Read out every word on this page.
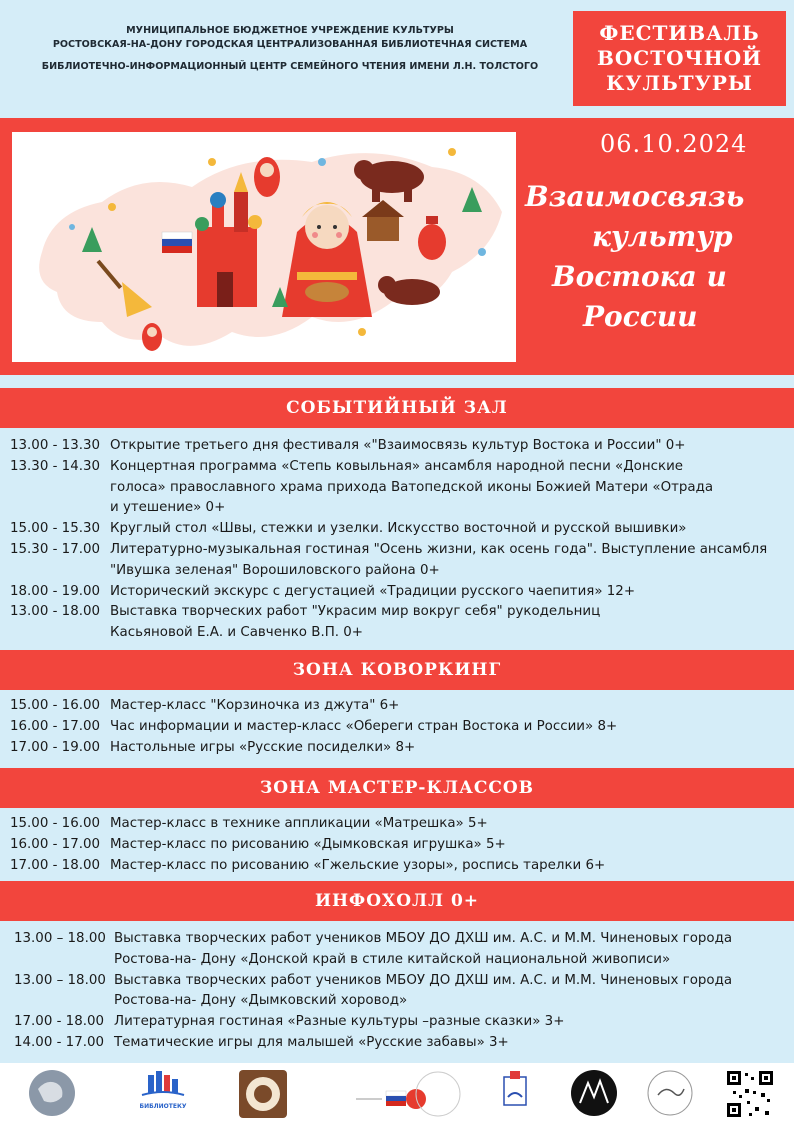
МУНИЦИПАЛЬНОЕ БЮДЖЕТНОЕ УЧРЕЖДЕНИЕ КУЛЬТУРЫ
РОСТОВСКАЯ-НА-ДОНУ ГОРОДСКАЯ ЦЕНТРАЛИЗОВАННАЯ БИБЛИОТЕЧНАЯ СИСТЕМА
БИБЛИОТЕЧНО-ИНФОРМАЦИОННЫЙ ЦЕНТР СЕМЕЙНОГО ЧТЕНИЯ ИМЕНИ Л.Н. ТОЛСТОГО
ФЕСТИВАЛЬ
ВОСТОЧНОЙ
КУЛЬТУРЫ
06.10.2024
Взаимосвязь
культур
Востока и
России
СОБЫТИЙНЫЙ ЗАЛ
13.00 - 13.30 Открытие третьего дня фестиваля «"Взаимосвязь культур Востока и России" 0+
13.30 - 14.30 Концертная программа «Степь ковыльная» ансамбля народной песни «Донские голоса» православного храма прихода Ватопедской иконы Божией Матери «Отрада и утешение» 0+
15.00 - 15.30 Круглый стол «Швы, стежки и узелки. Искусство восточной и русской вышивки»
15.30 - 17.00 Литературно-музыкальная гостиная "Осень жизни, как осень года". Выступление ансамбля "Ивушка зеленая" Ворошиловского района 0+
18.00 - 19.00 Исторический экскурс с дегустацией «Традиции русского чаепития» 12+
13.00 - 18.00 Выставка творческих работ "Украсим мир вокруг себя" рукодельниц Касьяновой Е.А. и Савченко В.П. 0+
ЗОНА КОВОРКИНГ
15.00 - 16.00 Мастер-класс "Корзиночка из джута" 6+
16.00 - 17.00 Час информации и мастер-класс «Обереги стран Востока и России» 8+
17.00 - 19.00 Настольные игры «Русские посиделки» 8+
ЗОНА МАСТЕР-КЛАССОВ
15.00 - 16.00 Мастер-класс в технике аппликации «Матрешка» 5+
16.00 - 17.00 Мастер-класс по рисованию «Дымковская игрушка» 5+
17.00 - 18.00 Мастер-класс по рисованию «Гжельские узоры», роспись тарелки 6+
ИНФОХОЛЛ 0+
13.00 – 18.00 Выставка творческих работ учеников МБОУ ДО ДХШ им. А.С. и М.М. Чиненовых города Ростова-на- Дону «Донской край в стиле китайской национальной живописи»
13.00 – 18.00 Выставка творческих работ учеников МБОУ ДО ДХШ им. А.С. и М.М. Чиненовых города Ростова-на- Дону «Дымковский хоровод»
17.00 - 18.00 Литературная гостиная «Разные культуры –разные сказки» 3+
14.00 - 17.00 Тематические игры для малышей «Русские забавы» 3+
БИБЛИОТЕКУ
